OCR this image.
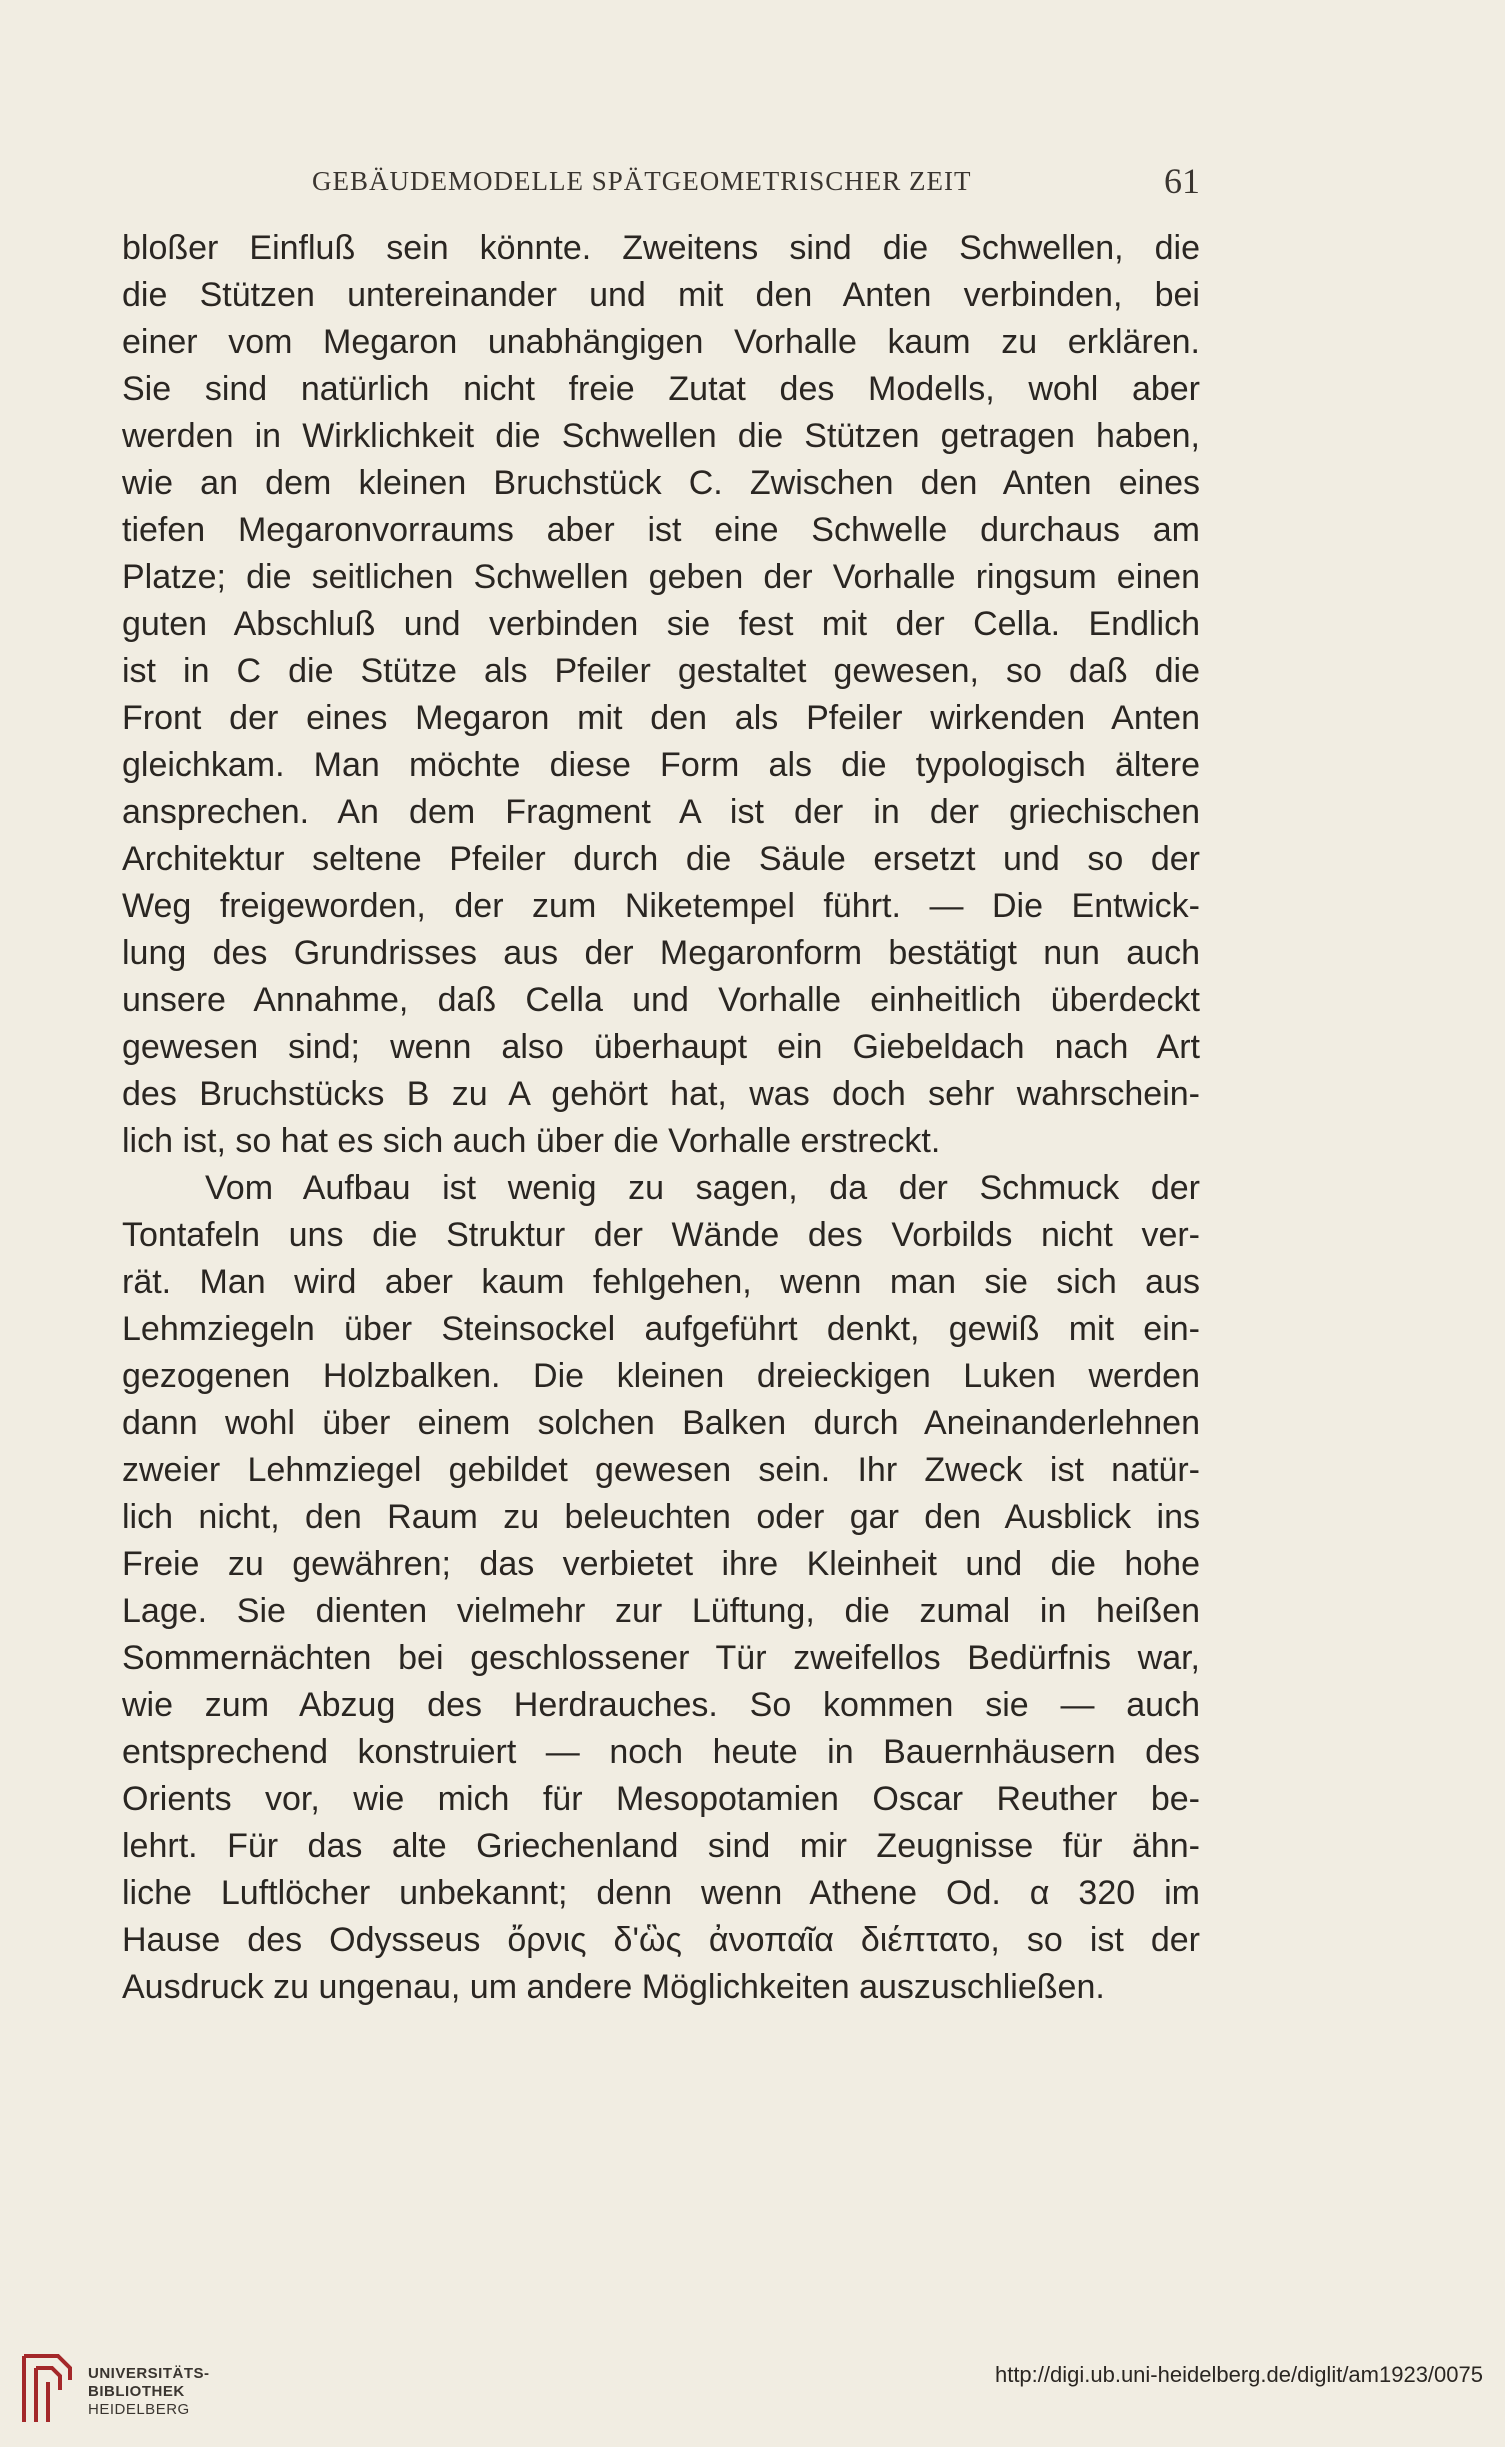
GEBÄUDEMODELLE SPÄTGEOMETRISCHER ZEIT	61
bloßer Einfluß sein könnte. Zweitens sind die Schwellen, die
die Stützen untereinander und mit den Anten verbinden, bei
einer vom Megaron unabhängigen Vorhalle kaum zu erklären.
Sie sind natürlich nicht freie Zutat des Modells, wohl aber
werden in Wirklichkeit die Schwellen die Stützen getragen haben,
wie an dem kleinen Bruchstück C. Zwischen den Anten eines
tiefen Megaronvorraums aber ist eine Schwelle durchaus am
Platze; die seitlichen Schwellen geben der Vorhalle ringsum einen
guten Abschluß und verbinden sie fest mit der Cella. Endlich
ist in C die Stütze als Pfeiler gestaltet gewesen, so daß die
Front der eines Megaron mit den als Pfeiler wirkenden Anten
gleichkam. Man möchte diese Form als die typologisch ältere
ansprechen. An dem Fragment A ist der in der griechischen
Architektur seltene Pfeiler durch die Säule ersetzt und so der
Weg freigeworden, der zum Niketempel führt. — Die Entwick-
lung des Grundrisses aus der Megaronform bestätigt nun auch
unsere Annahme, daß Cella und Vorhalle einheitlich überdeckt
gewesen sind; wenn also überhaupt ein Giebeldach nach Art
des Bruchstücks B zu A gehört hat, was doch sehr wahrschein-
lich ist, so hat es sich auch über die Vorhalle erstreckt.
Vom Aufbau ist wenig zu sagen, da der Schmuck der
Tontafeln uns die Struktur der Wände des Vorbilds nicht ver-
rät. Man wird aber kaum fehlgehen, wenn man sie sich aus
Lehmziegeln über Steinsockel aufgeführt denkt, gewiß mit ein-
gezogenen Holzbalken. Die kleinen dreieckigen Luken werden
dann wohl über einem solchen Balken durch Aneinanderlehnen
zweier Lehmziegel gebildet gewesen sein. Ihr Zweck ist natür-
lich nicht, den Raum zu beleuchten oder gar den Ausblick ins
Freie zu gewähren; das verbietet ihre Kleinheit und die hohe
Lage. Sie dienten vielmehr zur Lüftung, die zumal in heißen
Sommernächten bei geschlossener Tür zweifellos Bedürfnis war,
wie zum Abzug des Herdrauches. So kommen sie — auch
entsprechend konstruiert — noch heute in Bauernhäusern des
Orients vor, wie mich für Mesopotamien Oscar Reuther be-
lehrt. Für das alte Griechenland sind mir Zeugnisse für ähn-
liche Luftlöcher unbekannt; denn wenn Athene Od. α 320 im
Hause des Odysseus ὄρνις δ'ὣς ἀνοπαῖα διέπτατο, so ist der
Ausdruck zu ungenau, um andere Möglichkeiten auszuschließen.
UNIVERSITÄTS-
BIBLIOTHEK
HEIDELBERG
http://digi.ub.uni-heidelberg.de/diglit/am1923/0075
